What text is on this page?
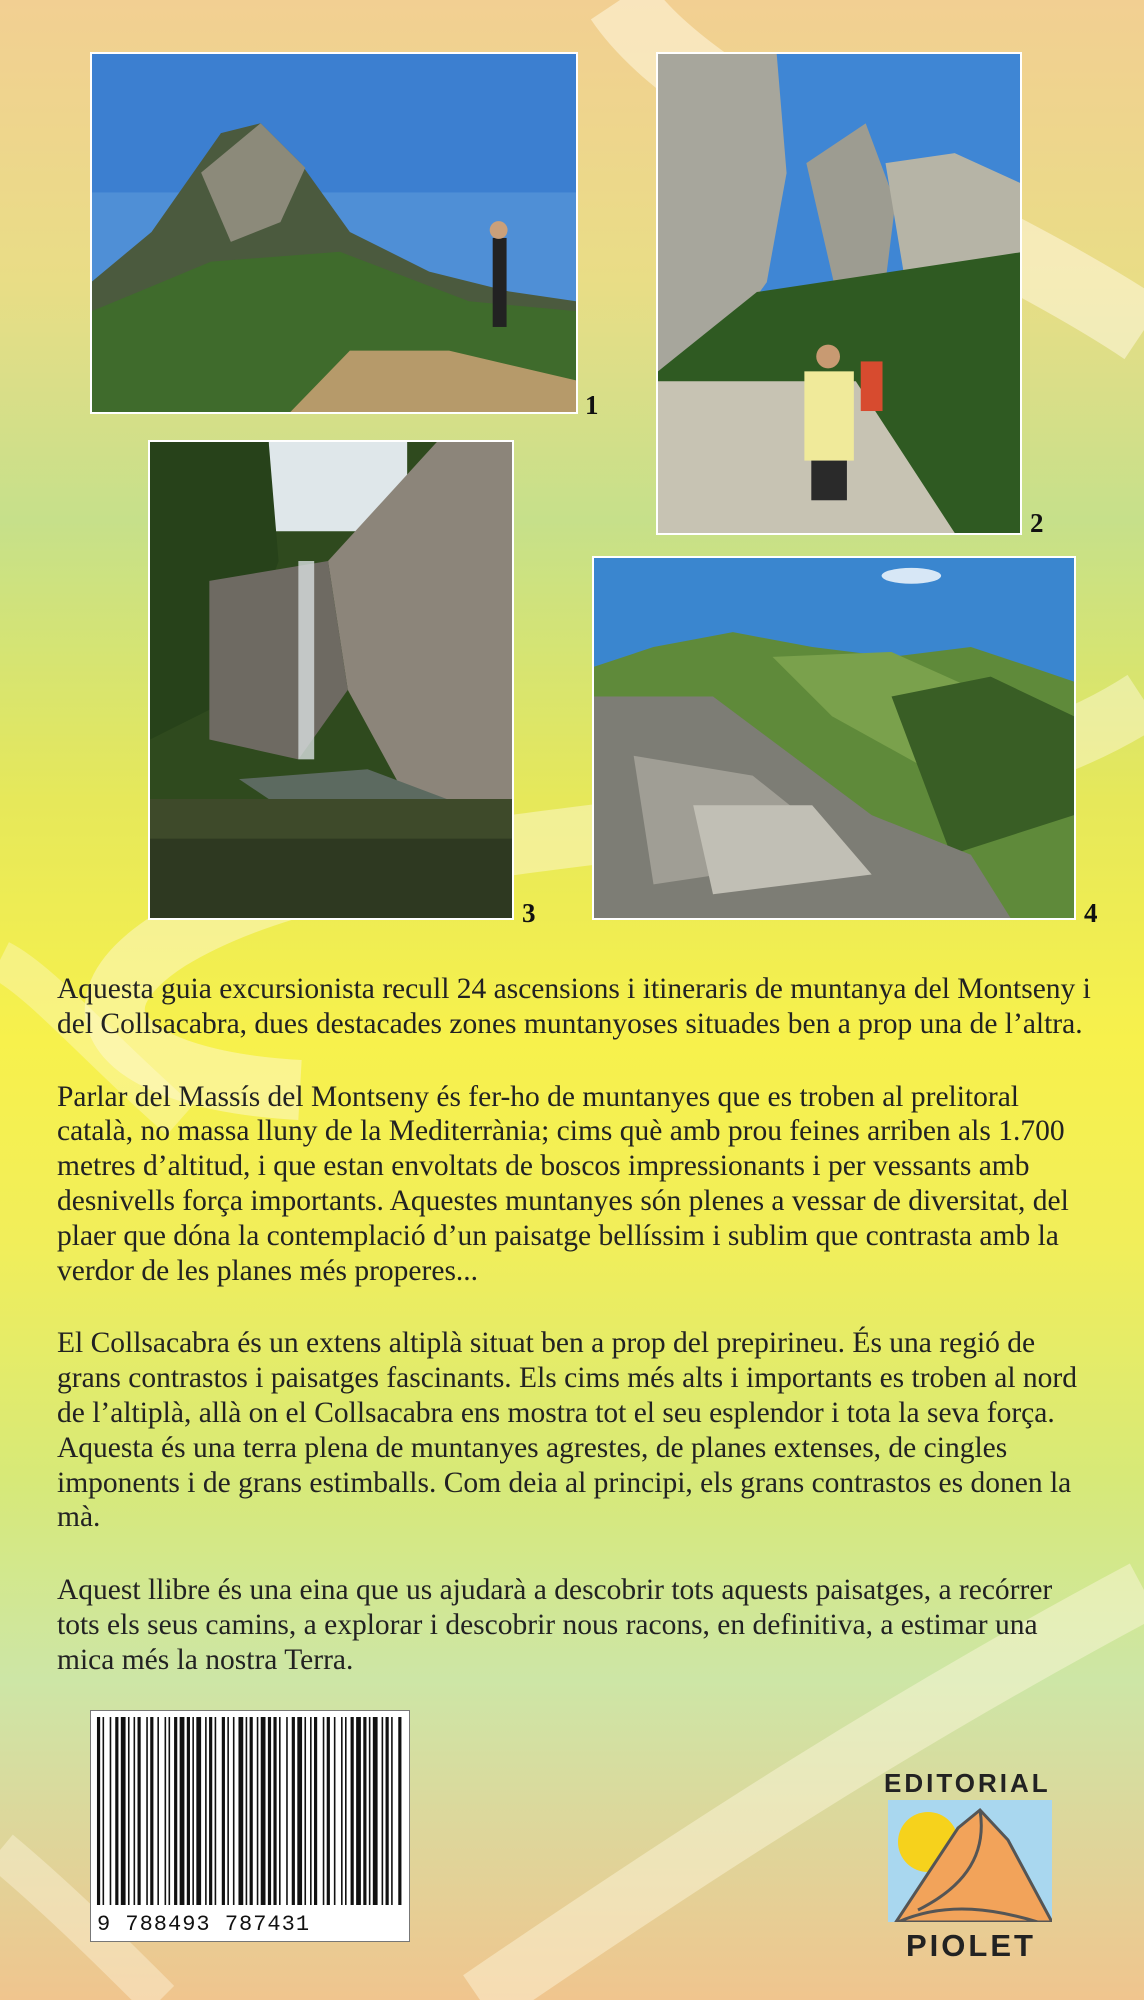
1
2
3	4

Aquesta guia excursionista recull 24 ascensions i itineraris de muntanya del Montseny i del Collsacabra, dues destacades zones muntanyoses situades ben a prop una de l’altra.

Parlar del Massís del Montseny és fer-ho de muntanyes que es troben al prelitoral català, no massa lluny de la Mediterrània; cims què amb prou feines arriben als 1.700 metres d’altitud, i que estan envoltats de boscos impressionants i per vessants amb desnivells força importants. Aquestes muntanyes són plenes a vessar de diversitat, del plaer que dóna la contemplació d’un paisatge bellíssim i sublim que contrasta amb la verdor de les planes més properes...

El Collsacabra és un extens altiplà situat ben a prop del prepirineu. És una regió de grans contrastos i paisatges fascinants. Els cims més alts i importants es troben al nord de l’altiplà, allà on el Collsacabra ens mostra tot el seu esplendor i tota la seva força. Aquesta és una terra plena de muntanyes agrestes, de planes extenses, de cingles imponents i de grans estimballs. Com deia al principi, els grans contrastos es donen la mà.

Aquest llibre és una eina que us ajudarà a descobrir tots aquests paisatges, a recórrer tots els seus camins, a explorar i descobrir nous racons, en definitiva, a estimar una mica més la nostra Terra.

9 788493 787431
EDITORIAL
PIOLET
